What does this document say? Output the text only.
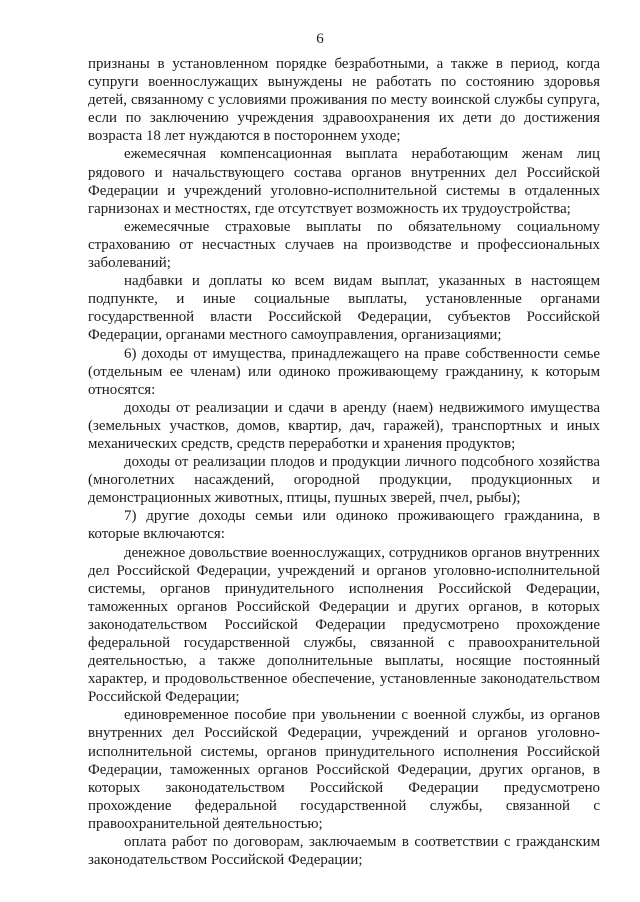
6

признаны в установленном порядке безработными, а также в период, когда супруги военнослужащих вынуждены не работать по состоянию здоровья детей, связанному с условиями проживания по месту воинской службы супруга, если по заключению учреждения здравоохранения их дети до достижения возраста 18 лет нуждаются в постороннем уходе;

ежемесячная компенсационная выплата неработающим женам лиц рядового и начальствующего состава органов внутренних дел Российской Федерации и учреждений уголовно-исполнительной системы в отдаленных гарнизонах и местностях, где отсутствует возможность их трудоустройства;

ежемесячные страховые выплаты по обязательному социальному страхованию от несчастных случаев на производстве и профессиональных заболеваний;

надбавки и доплаты ко всем видам выплат, указанных в настоящем подпункте, и иные социальные выплаты, установленные органами государственной власти Российской Федерации, субъектов Российской Федерации, органами местного самоуправления, организациями;

6) доходы от имущества, принадлежащего на праве собственности семье (отдельным ее членам) или одиноко проживающему гражданину, к которым относятся:

доходы от реализации и сдачи в аренду (наем) недвижимого имущества (земельных участков, домов, квартир, дач, гаражей), транспортных и иных механических средств, средств переработки и хранения продуктов;

доходы от реализации плодов и продукции личного подсобного хозяйства (многолетних насаждений, огородной продукции, продукционных и демонстрационных животных, птицы, пушных зверей, пчел, рыбы);

7) другие доходы семьи или одиноко проживающего гражданина, в которые включаются:

денежное довольствие военнослужащих, сотрудников органов внутренних дел Российской Федерации, учреждений и органов уголовно-исполнительной системы, органов принудительного исполнения Российской Федерации, таможенных органов Российской Федерации и других органов, в которых законодательством Российской Федерации предусмотрено прохождение федеральной государственной службы, связанной с правоохранительной деятельностью, а также дополнительные выплаты, носящие постоянный характер, и продовольственное обеспечение, установленные законодательством Российской Федерации;

единовременное пособие при увольнении с военной службы, из органов внутренних дел Российской Федерации, учреждений и органов уголовно-исполнительной системы, органов принудительного исполнения Российской Федерации, таможенных органов Российской Федерации, других органов, в которых законодательством Российской Федерации предусмотрено прохождение федеральной государственной службы, связанной с правоохранительной деятельностью;

оплата работ по договорам, заключаемым в соответствии с гражданским законодательством Российской Федерации;
